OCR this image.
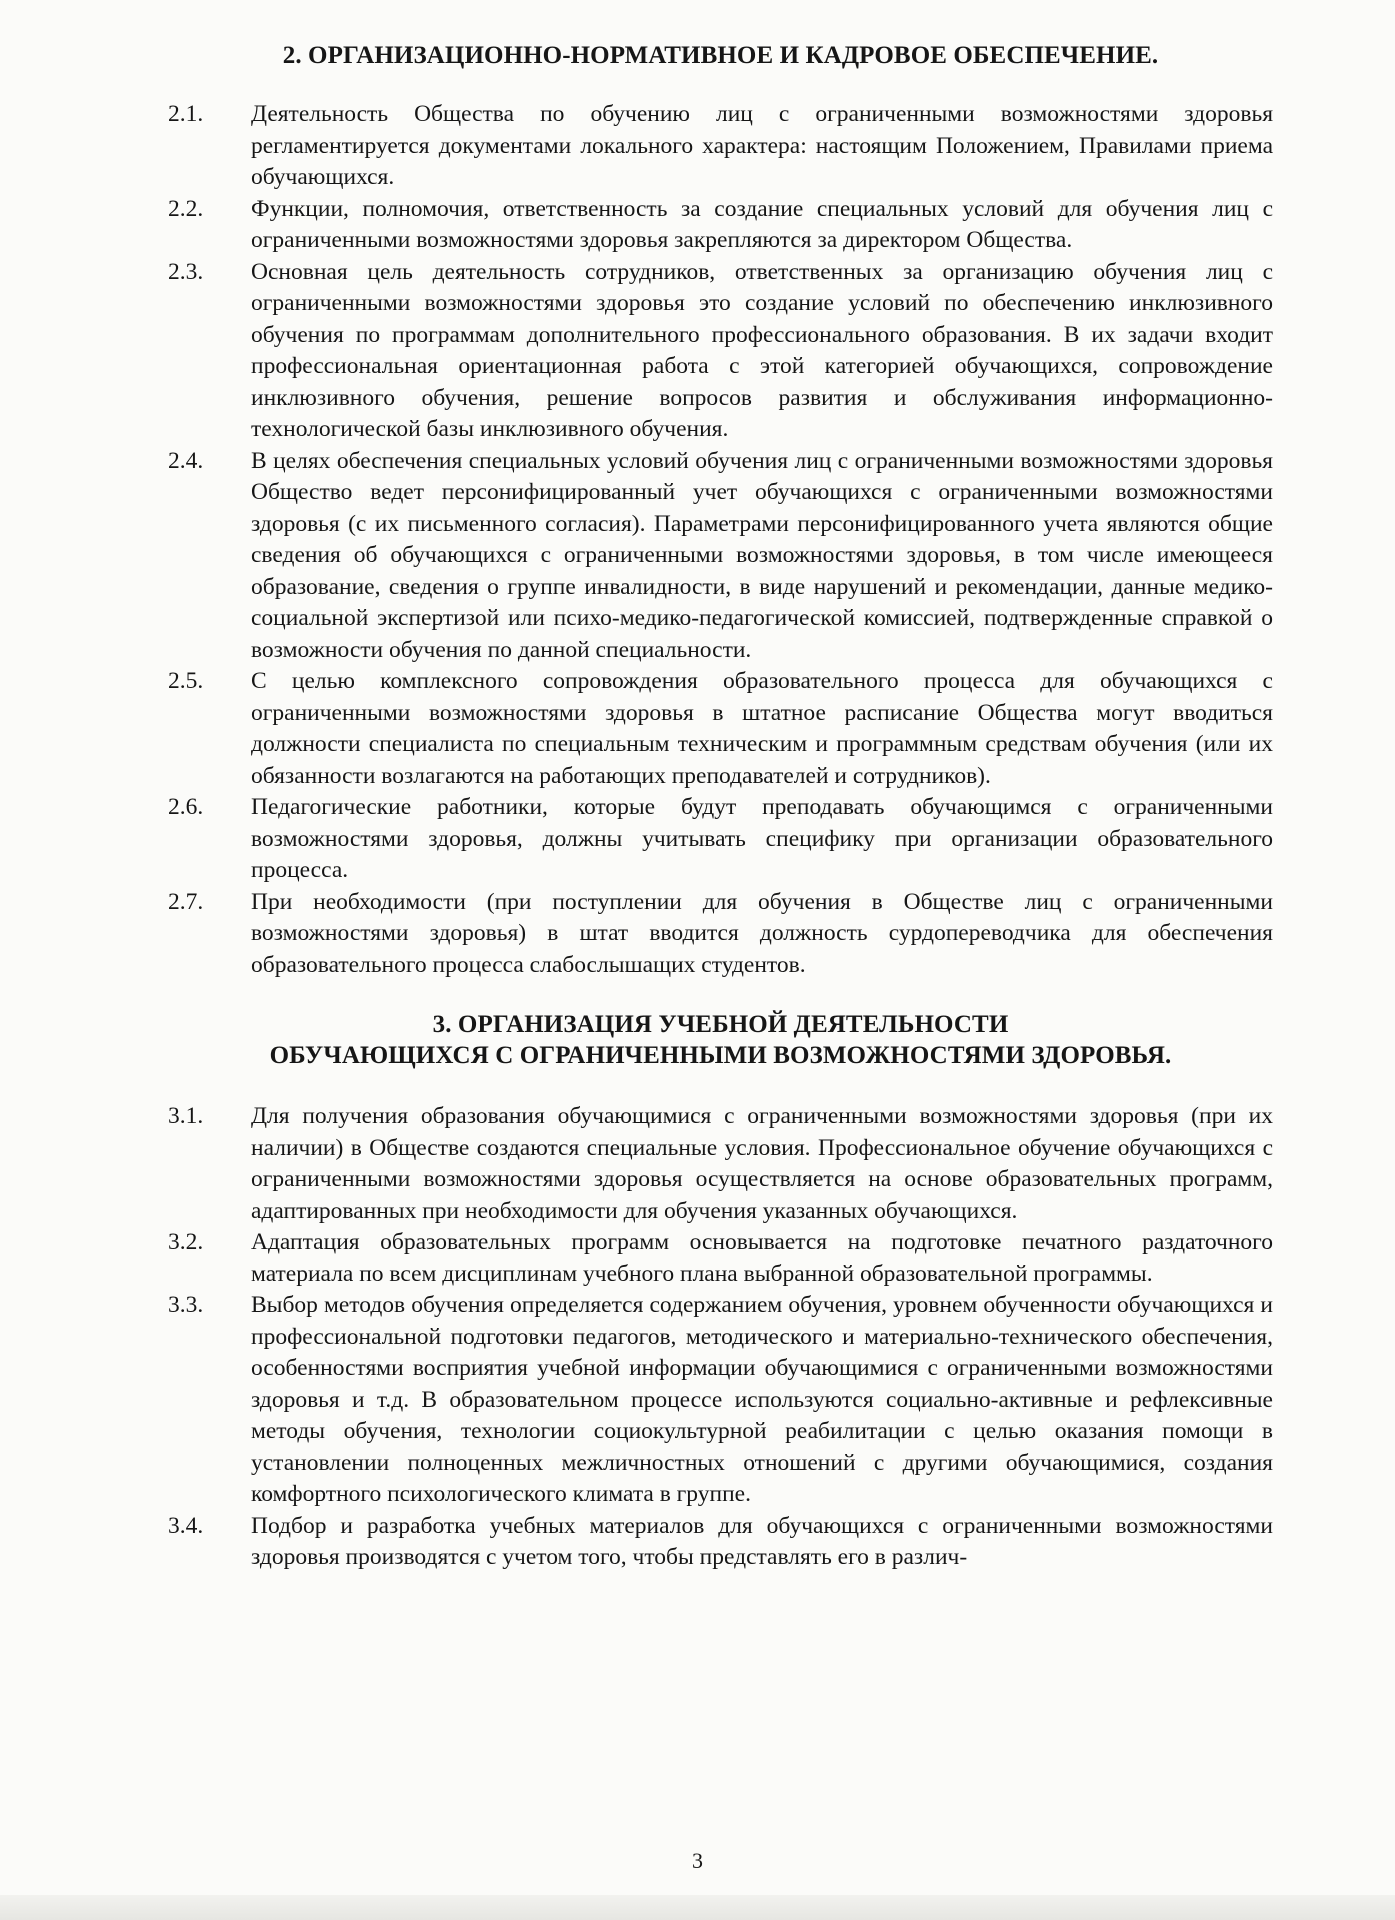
2. ОРГАНИЗАЦИОННО-НОРМАТИВНОЕ И КАДРОВОЕ ОБЕСПЕЧЕНИЕ.
2.1.	Деятельность Общества по обучению лиц с ограниченными возможностями здоровья регламентируется документами локального характера: настоящим Положением, Правилами приема обучающихся.
2.2.	Функции, полномочия, ответственность за создание специальных условий для обучения лиц с ограниченными возможностями здоровья закрепляются за директором Общества.
2.3.	Основная цель деятельность сотрудников, ответственных за организацию обучения лиц с ограниченными возможностями здоровья это создание условий по обеспечению инклюзивного обучения по программам дополнительного профессионального образования. В их задачи входит профессиональная ориентационная работа с этой категорией обучающихся, сопровождение инклюзивного обучения, решение вопросов развития и обслуживания информационно-технологической базы инклюзивного обучения.
2.4.	В целях обеспечения специальных условий обучения лиц с ограниченными возможностями здоровья Общество ведет персонифицированный учет обучающихся с ограниченными возможностями здоровья (с их письменного согласия). Параметрами персонифицированного учета являются общие сведения об обучающихся с ограниченными возможностями здоровья, в том числе имеющееся образование, сведения о группе инвалидности, в виде нарушений и рекомендации, данные медико-социальной экспертизой или психо-медико-педагогической комиссией, подтвержденные справкой о возможности обучения по данной специальности.
2.5.	С целью комплексного сопровождения образовательного процесса для обучающихся с ограниченными возможностями здоровья в штатное расписание Общества могут вводиться должности специалиста по специальным техническим и программным средствам обучения (или их обязанности возлагаются на работающих преподавателей и сотрудников).
2.6.	Педагогические работники, которые будут преподавать обучающимся с ограниченными возможностями здоровья, должны учитывать специфику при организации образовательного процесса.
2.7.	При необходимости (при поступлении для обучения в Обществе лиц с ограниченными возможностями здоровья) в штат вводится должность сурдопереводчика для обеспечения образовательного процесса слабослышащих студентов.
3. ОРГАНИЗАЦИЯ УЧЕБНОЙ ДЕЯТЕЛЬНОСТИ
ОБУЧАЮЩИХСЯ С ОГРАНИЧЕННЫМИ ВОЗМОЖНОСТЯМИ ЗДОРОВЬЯ.
3.1.	Для получения образования обучающимися с ограниченными возможностями здоровья (при их наличии) в Обществе создаются специальные условия. Профессиональное обучение обучающихся с ограниченными возможностями здоровья осуществляется на основе образовательных программ, адаптированных при необходимости для обучения указанных обучающихся.
3.2.	Адаптация образовательных программ основывается на подготовке печатного раздаточного материала по всем дисциплинам учебного плана выбранной образовательной программы.
3.3.	Выбор методов обучения определяется содержанием обучения, уровнем обученности обучающихся и профессиональной подготовки педагогов, методического и материально-технического обеспечения, особенностями восприятия учебной информации обучающимися с ограниченными возможностями здоровья и т.д. В образовательном процессе используются социально-активные и рефлексивные методы обучения, технологии социокультурной реабилитации с целью оказания помощи в установлении полноценных межличностных отношений с другими обучающимися, создания комфортного психологического климата в группе.
3.4.	Подбор и разработка учебных материалов для обучающихся с ограниченными возможностями здоровья производятся с учетом того, чтобы представлять его в различ-
3
